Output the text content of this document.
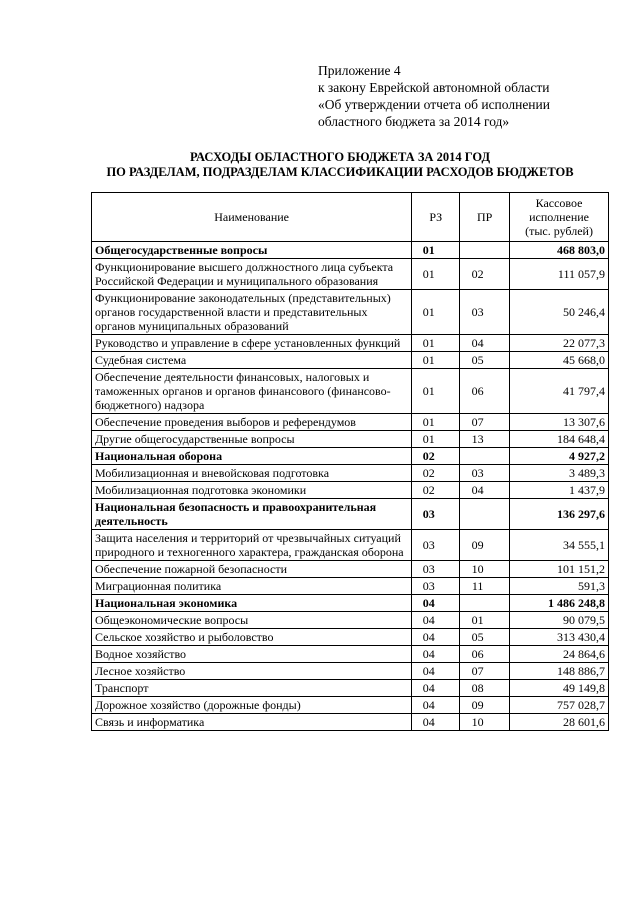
Приложение 4
к закону Еврейской автономной области
«Об утверждении отчета об исполнении
областного бюджета за 2014 год»
РАСХОДЫ ОБЛАСТНОГО БЮДЖЕТА ЗА 2014 ГОД
ПО РАЗДЕЛАМ, ПОДРАЗДЕЛАМ КЛАССИФИКАЦИИ РАСХОДОВ БЮДЖЕТОВ
Наименование	РЗ	ПР	Кассовое
исполнение
(тыс. рублей)

Общегосударственные вопросы	01		468 803,0
Функционирование высшего должностного лица субъекта Российской Федерации и муниципального образования	01	02	111 057,9
Функционирование законодательных (представительных) органов государственной власти и представительных органов муниципальных образований	01	03	50 246,4
Руководство и управление в сфере установленных функций	01	04	22 077,3
Судебная система	01	05	45 668,0
Обеспечение деятельности финансовых, налоговых и таможенных органов и органов финансового (финансово-бюджетного) надзора	01	06	41 797,4
Обеспечение проведения выборов и референдумов	01	07	13 307,6
Другие общегосударственные вопросы	01	13	184 648,4
Национальная оборона	02		4 927,2
Мобилизационная и вневойсковая подготовка	02	03	3 489,3
Мобилизационная подготовка экономики	02	04	1 437,9
Национальная безопасность и правоохранительная деятельность	03		136 297,6
Защита населения и территорий от чрезвычайных ситуаций природного и техногенного характера, гражданская оборона	03	09	34 555,1
Обеспечение пожарной безопасности	03	10	101 151,2
Миграционная политика	03	11	591,3
Национальная экономика	04		1 486 248,8
Общеэкономические вопросы	04	01	90 079,5
Сельское хозяйство и рыболовство	04	05	313 430,4
Водное хозяйство	04	06	24 864,6
Лесное хозяйство	04	07	148 886,7
Транспорт	04	08	49 149,8
Дорожное хозяйство (дорожные фонды)	04	09	757 028,7
Связь и информатика	04	10	28 601,6
